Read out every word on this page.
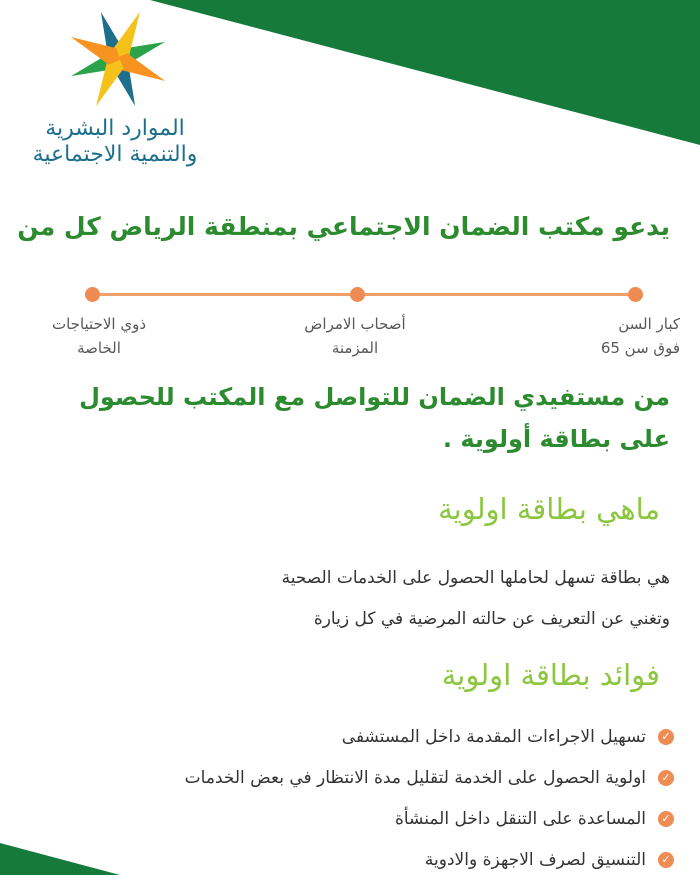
الموارد البشرية
والتنمية الاجتماعية
يدعو مكتب الضمان الاجتماعي بمنطقة الرياض كل من
كبار السن
فوق سن 65
أصحاب الامراض
المزمنة
ذوي الاحتياجات
الخاصة
من مستفيدي الضمان للتواصل مع المكتب للحصول على بطاقة أولوية .
ماهي بطاقة اولوية
هي بطاقة تسهل لحاملها الحصول على الخدمات الصحية
وتغني عن التعريف عن حالته المرضية في كل زيارة
فوائد بطاقة اولوية
✓
تسهيل الاجراءات المقدمة داخل المستشفى
✓
اولوية الحصول على الخدمة لتقليل مدة الانتظار في بعض الخدمات
✓
المساعدة على التنقل داخل المنشأة
✓
التنسيق لصرف الاجهزة والادوية
